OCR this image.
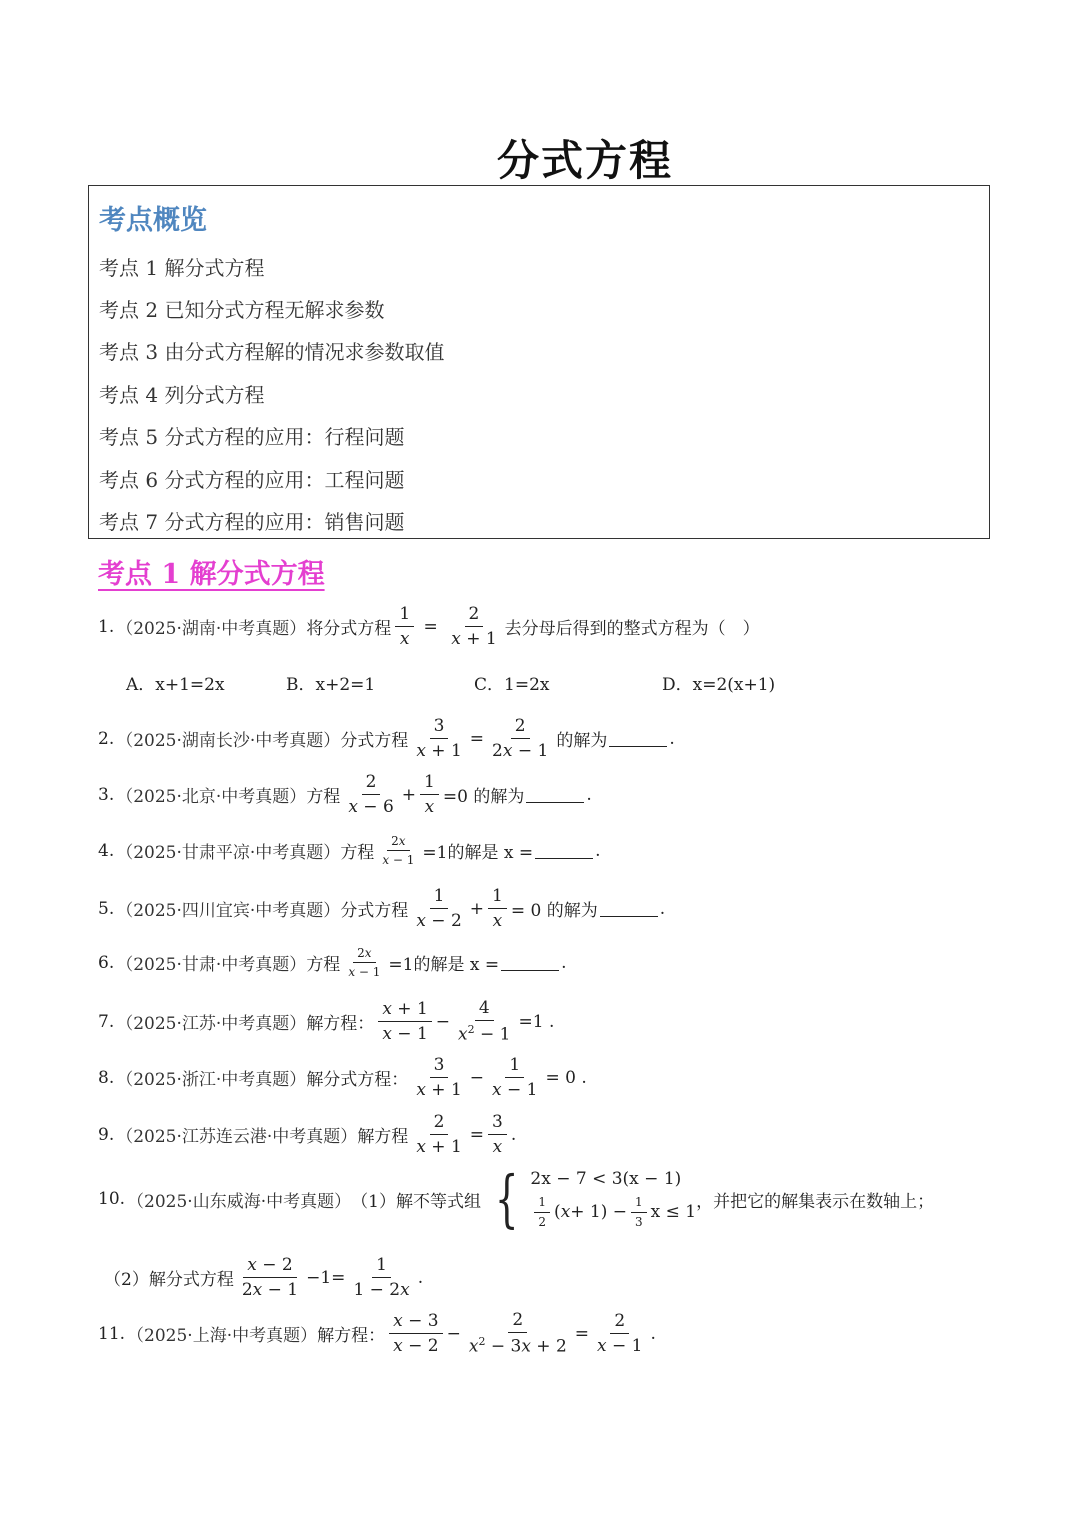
分式方程
考点概览
考点 1 解分式方程
考点 2 已知分式方程无解求参数
考点 3 由分式方程解的情况求参数取值
考点 4 列分式方程
考点 5 分式方程的应用：行程问题
考点 6 分式方程的应用：工程问题
考点 7 分式方程的应用：销售问题
考点 1 解分式方程
1. （2025·湖南·中考真题） 将分式方程 $\frac{1}{x} = \frac{2}{x + 1}$ 去分母后得到的整式方程为（　）
A．x+1=2x	B．x+2=1	C．1=2x	D．x=2(x+1)
2. （2025·湖南长沙·中考真题） 分式方程 $\frac{3}{x + 1} = \frac{2}{2x - 1}$ 的解为	.
3. （2025·北京·中考真题） 方程 $\frac{2}{x - 6} + \frac{1}{x} =0$ 的解为	.
4. （2025·甘肃平凉·中考真题） 方程 $\frac{2x}{x - 1} =1$的解是 x =	.
5. （2025·四川宜宾·中考真题） 分式方程 $\frac{1}{x - 2} + \frac{1}{x} = 0$ 的解为	.
6. （2025·甘肃·中考真题） 方程 $\frac{2x}{x - 1} =1$的解是 x =	.
7. （2025·江苏·中考真题） 解方程： $\frac{x + 1}{x - 1} - \frac{4}{x^2 - 1} =1$ .
8. （2025·浙江·中考真题） 解分式方程： $\frac{3}{x + 1} - \frac{1}{x - 1} = 0$ .
9. （2025·江苏连云港·中考真题） 解方程 $\frac{2}{x + 1} = \frac{3}{x}$ .
10. （2025·山东威海·中考真题） （1）解不等式组 { 2x − 7 < 3(x − 1)
$\frac{1}{2}$ ( $x + 1) - \frac{1}{3}$ x ≤ 1
，并把它的解集表示在数轴上；
（2）解分式方程 $\frac{x - 2}{2x - 1} -1= \frac{1}{1 - 2x}$ .
11. （2025·上海·中考真题） 解方程： $\frac{x - 3}{x - 2} - \frac{2}{x^2 - 3x + 2} = \frac{2}{x - 1}$ .
